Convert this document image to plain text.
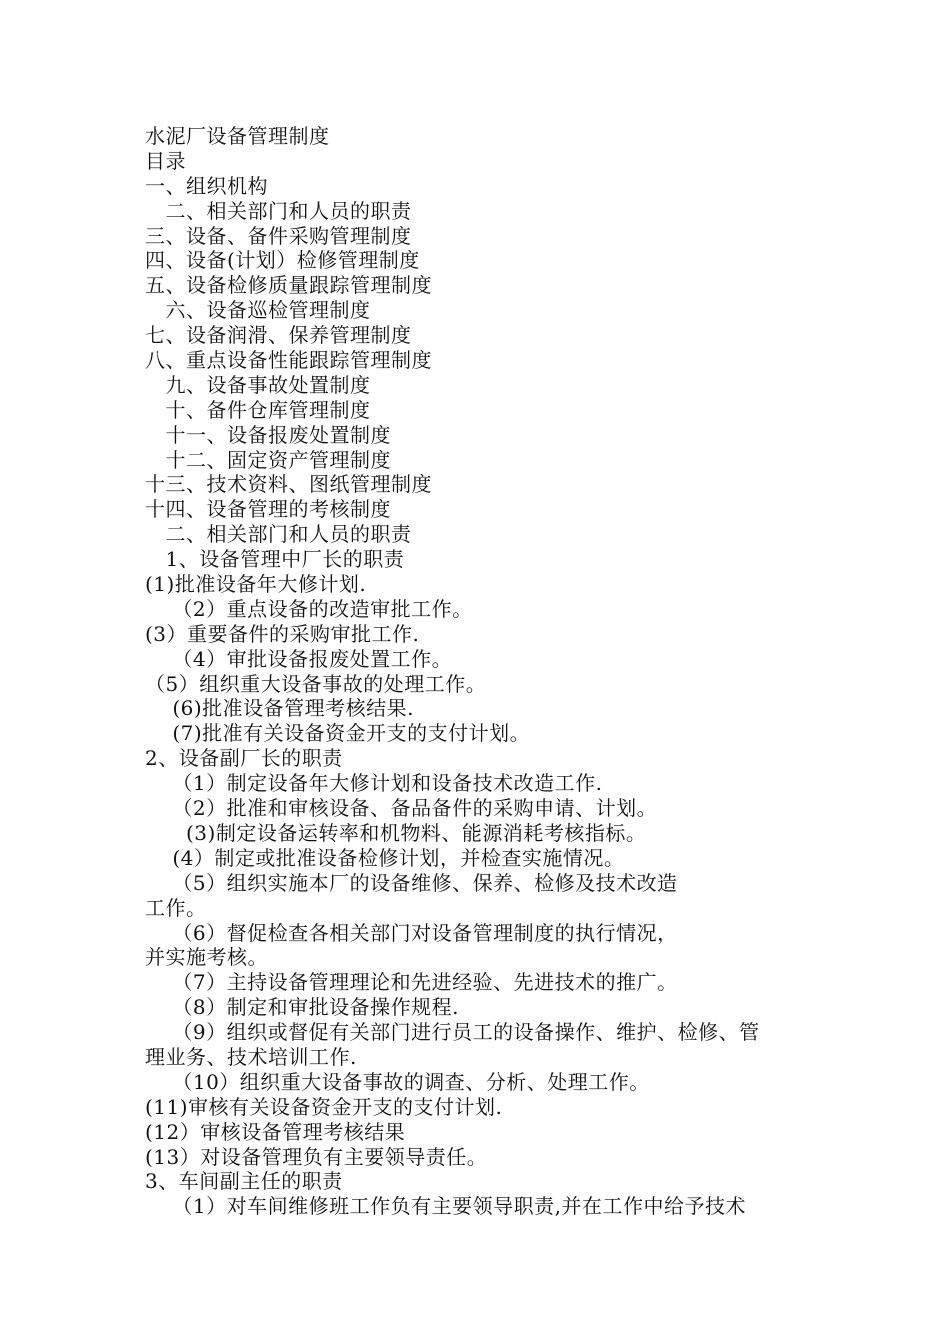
水泥厂设备管理制度
目录
一、组织机构
　二、相关部门和人员的职责
三、设备、备件采购管理制度
四、设备(计划）检修管理制度
五、设备检修质量跟踪管理制度
　六、设备巡检管理制度
七、设备润滑、保养管理制度
八、重点设备性能跟踪管理制度
　九、设备事故处置制度
　十、备件仓库管理制度
　十一、设备报废处置制度
　十二、固定资产管理制度
十三、技术资料、图纸管理制度
十四、设备管理的考核制度
　二、相关部门和人员的职责
　1、设备管理中厂长的职责
(1)批准设备年大修计划.
　 （2）重点设备的改造审批工作。
(3）重要备件的采购审批工作.
　 （4）审批设备报废处置工作。
（5）组织重大设备事故的处理工作。
　 (6)批准设备管理考核结果.
　 (7)批准有关设备资金开支的支付计划。
2、设备副厂长的职责
　 （1）制定设备年大修计划和设备技术改造工作.
　 （2）批准和审核设备、备品备件的采购申请、计划。
　　(3)制定设备运转率和机物料、能源消耗考核指标。
　 (4）制定或批准设备检修计划，并检查实施情况。
　 （5）组织实施本厂的设备维修、保养、检修及技术改造
工作。
　 （6）督促检查各相关部门对设备管理制度的执行情况，
并实施考核。
　 （7）主持设备管理理论和先进经验、先进技术的推广。
　 （8）制定和审批设备操作规程.
　 （9）组织或督促有关部门进行员工的设备操作、维护、检修、管
理业务、技术培训工作.
　 （10）组织重大设备事故的调查、分析、处理工作。
(11)审核有关设备资金开支的支付计划.
(12）审核设备管理考核结果
(13）对设备管理负有主要领导责任。
3、车间副主任的职责
　 （1）对车间维修班工作负有主要领导职责,并在工作中给予技术
